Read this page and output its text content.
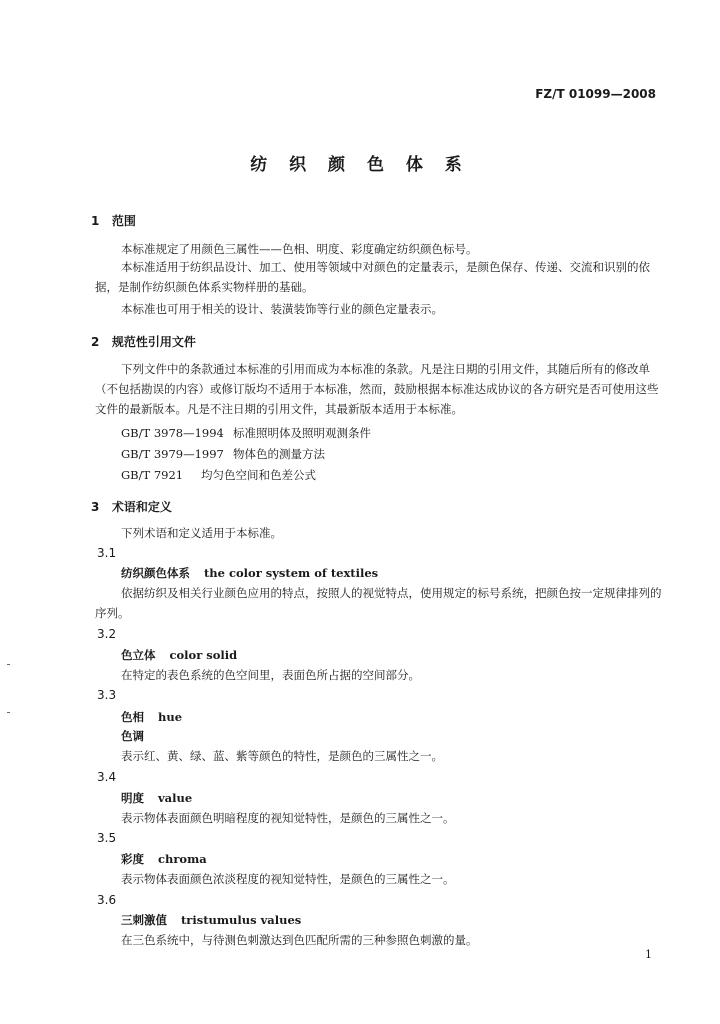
FZ/T 01099—2008
纺 织 颜 色 体 系
1 范围
本标准规定了用颜色三属性——色相、明度、彩度确定纺织颜色标号。
本标准适用于纺织品设计、加工、使用等领域中对颜色的定量表示，是颜色保存、传递、交流和识别的依据，是制作纺织颜色体系实物样册的基础。
本标准也可用于相关的设计、装潢装饰等行业的颜色定量表示。
2 规范性引用文件
下列文件中的条款通过本标准的引用而成为本标准的条款。凡是注日期的引用文件，其随后所有的修改单（不包括勘误的内容）或修订版均不适用于本标准，然而，鼓励根据本标准达成协议的各方研究是否可使用这些文件的最新版本。凡是不注日期的引用文件，其最新版本适用于本标准。
GB/T 3978—1994 标准照明体及照明观测条件
GB/T 3979—1997 物体色的测量方法
GB/T 7921 均匀色空间和色差公式
3 术语和定义
下列术语和定义适用于本标准。
3.1
纺织颜色体系 the color system of textiles
依据纺织及相关行业颜色应用的特点，按照人的视觉特点，使用规定的标号系统，把颜色按一定规律排列的序列。
3.2
色立体 color solid
在特定的表色系统的色空间里，表面色所占据的空间部分。
3.3
色相 hue
色调
表示红、黄、绿、蓝、紫等颜色的特性，是颜色的三属性之一。
3.4
明度 value
表示物体表面颜色明暗程度的视知觉特性，是颜色的三属性之一。
3.5
彩度 chroma
表示物体表面颜色浓淡程度的视知觉特性，是颜色的三属性之一。
3.6
三刺激值 tristumulus values
在三色系统中，与待测色刺激达到色匹配所需的三种参照色刺激的量。
1
